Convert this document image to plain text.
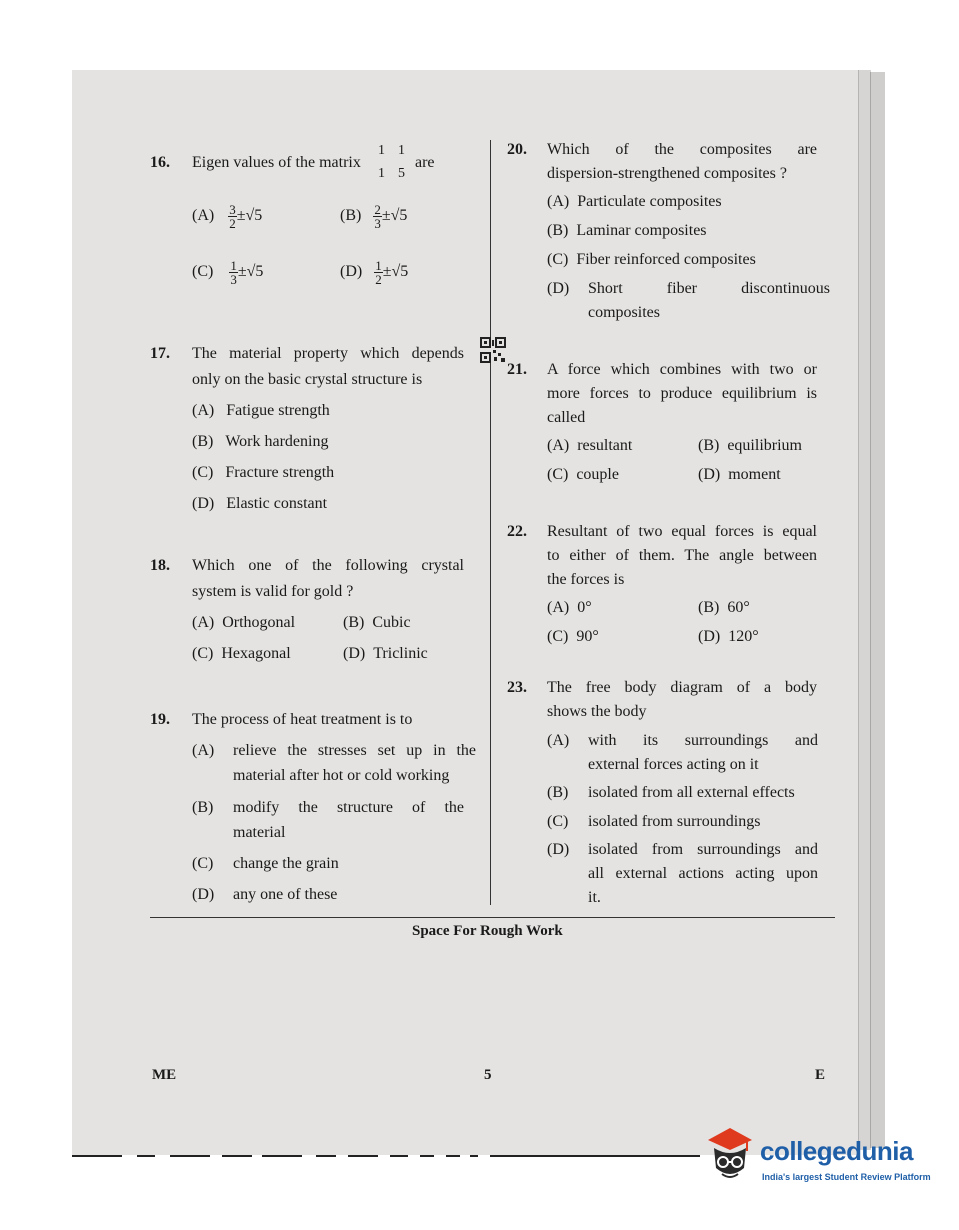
16. Eigen values of the matrix
1 1
1 5
are
$(A) \frac{3}{2} \pm√5$	$(B) \frac{2}{3} \pm√5$
$(C) \frac{1}{3} \pm√5$	$(D) \frac{1}{2} \pm√5$
17. The material property which depends
only on the basic crystal structure is
(A) Fatigue strength
(B) Work hardening
(C) Fracture strength
(D) Elastic constant
18. Which one of the following crystal
system is valid for gold ?
(A) Orthogonal	(B) Cubic
(C) Hexagonal	(D) Triclinic
19. The process of heat treatment is to
(A) relieve the stresses set up in the
material after hot or cold working
(B) modify the structure of the
material
(C) change the grain
(D) any one of these
20. Which of the composites are
dispersion-strengthened composites ?
(A) Particulate composites
(B) Laminar composites
(C) Fiber reinforced composites
(D) Short fiber discontinuous
composites
21. A force which combines with two or
more forces to produce equilibrium is
called
(A) resultant	(B) equilibrium
(C) couple	(D) moment
22. Resultant of two equal forces is equal
to either of them. The angle between
the forces is
(A) 0°	(B) 60°
(C) 90°	(D) 120°
23. The free body diagram of a body
shows the body
(A) with its surroundings and
external forces acting on it
(B) isolated from all external effects
(C) isolated from surroundings
(D) isolated from surroundings and
all external actions acting upon
it.
Space For Rough Work
ME	5	E
collegedunia
India's largest Student Review Platform
